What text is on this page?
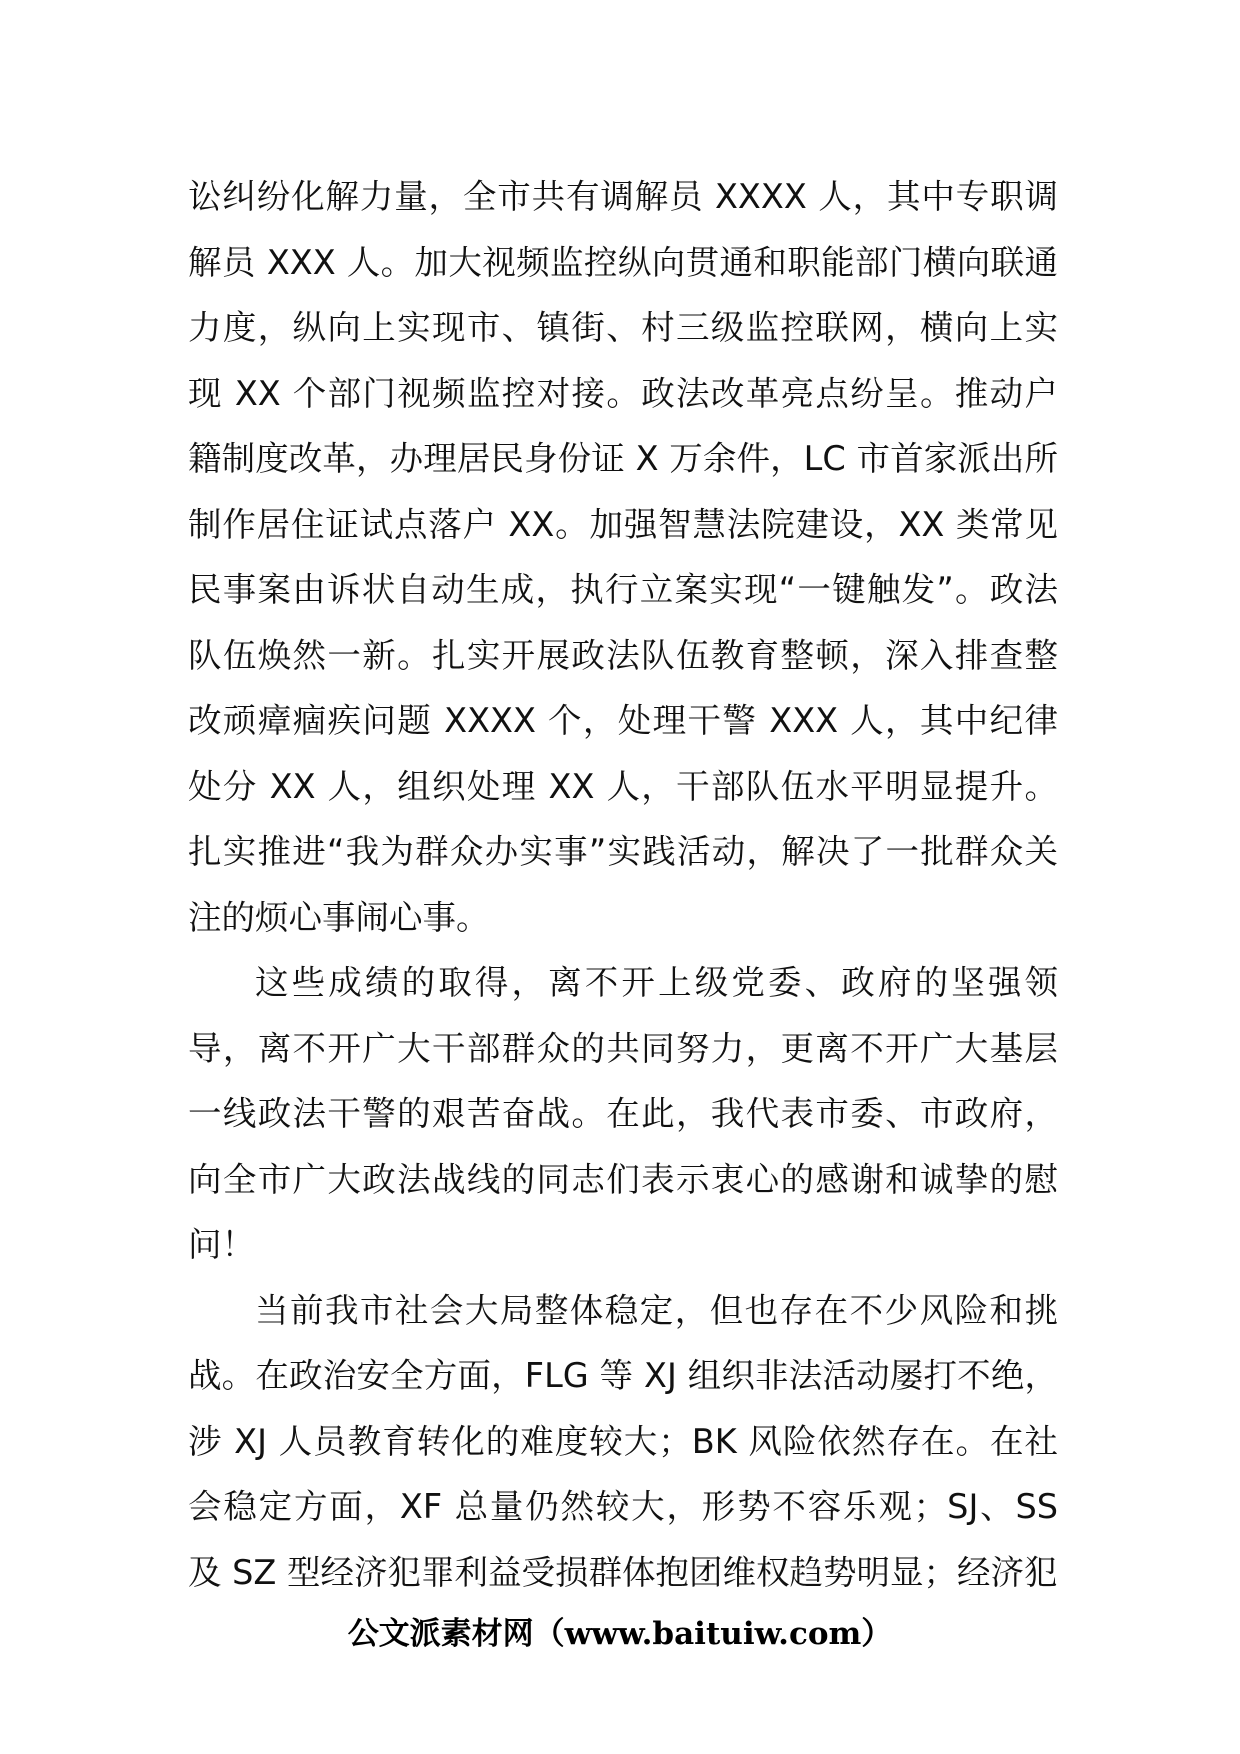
讼纠纷化解力量，全市共有调解员 XXXX 人，其中专职调解员 XXX 人。加大视频监控纵向贯通和职能部门横向联通力度，纵向上实现市、镇街、村三级监控联网，横向上实现 XX 个部门视频监控对接。政法改革亮点纷呈。推动户籍制度改革，办理居民身份证 X 万余件，LC 市首家派出所制作居住证试点落户 XX。加强智慧法院建设，XX 类常见民事案由诉状自动生成，执行立案实现“一键触发”。政法队伍焕然一新。扎实开展政法队伍教育整顿，深入排查整改顽瘴痼疾问题 XXXX 个，处理干警 XXX 人，其中纪律处分 XX 人，组织处理 XX 人，干部队伍水平明显提升。扎实推进“我为群众办实事”实践活动，解决了一批群众关注的烦心事闹心事。

这些成绩的取得，离不开上级党委、政府的坚强领导，离不开广大干部群众的共同努力，更离不开广大基层一线政法干警的艰苦奋战。在此，我代表市委、市政府，向全市广大政法战线的同志们表示衷心的感谢和诚挚的慰问！

当前我市社会大局整体稳定，但也存在不少风险和挑战。在政治安全方面，FLG 等 XJ 组织非法活动屡打不绝，涉 XJ 人员教育转化的难度较大；BK 风险依然存在。在社会稳定方面，XF 总量仍然较大，形势不容乐观；SJ、SS 及 SZ 型经济犯罪利益受损群体抱团维权趋势明显；经济犯

公文派素材网（www.baituiw.com）
